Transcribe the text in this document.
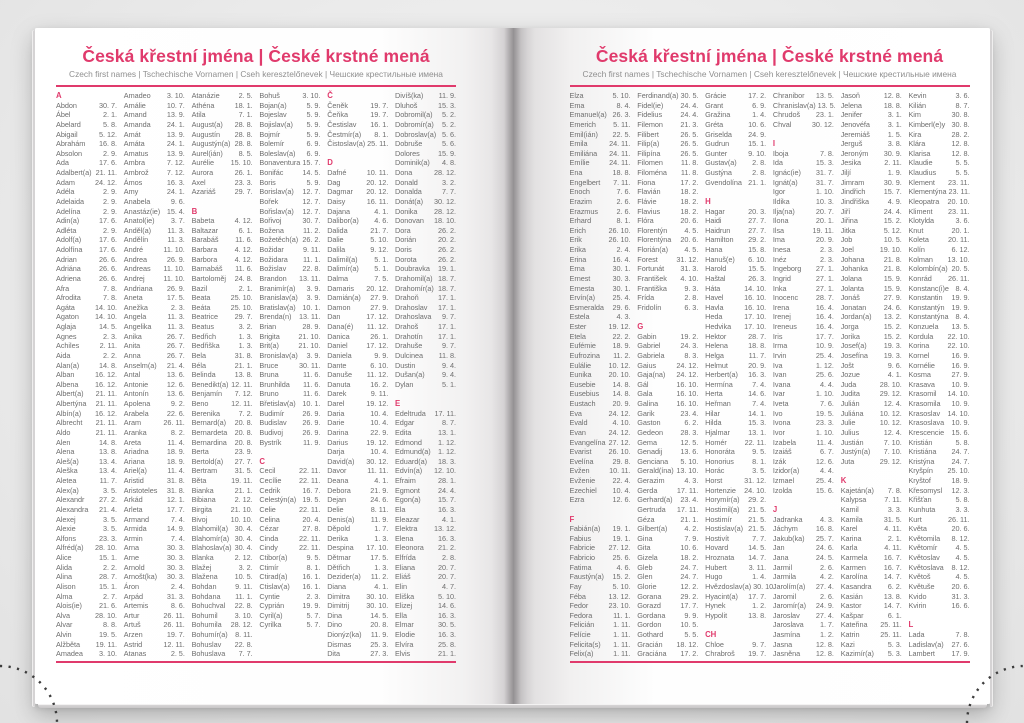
Česká křestní jména | České krstné mená
Czech first names | Tschechische Vornamen | Cseh keresztelőnevek | Чешские крестильные имена
A
Abdon	30. 7.
Ábel	2. 1.
Abelard	5. 8.
Abigail	5. 12.
Abrahám 16. 8.
Absolon	2. 9.
Ada	17. 6.
Adalbert(a) 21. 11.
Adam	24. 12.
Adéla	2. 9.
Adelaida	2. 9.
Adelína	2. 9.
Adin(a)	17. 6.
Adléta	2. 9.
Adolf(a) 17. 6.
Adolfína 17. 6.
Adrian	26. 6.
Adriána 26. 6.
Adriena 26. 6.
Afra	7. 8.
Afrodita	7. 8.
Agáta	14. 10.
Agaton 14. 10.
Aglaja	14. 5.
Agnes	2. 3.
Achiles	2. 11.
Aida	2. 2.
Alan(a)	14. 8.
Alban	16. 12.
Albena 16. 12.
Albert(a) 21. 11.
Albertýna 21. 11.
Albín(a) 16. 12.
Albrecht 21. 11.
Aldo	21. 11.
Alen	14. 8.
Alena	13. 8.
Aleš(a)	13. 4.
Aleška	13. 4.
Aletea	11. 7.
Alex(a)	3. 5.
Alexandr 27. 2.
Alexandra 21. 4.
Alexej	3. 5.
Alexie	3. 5.
Alfons	23. 3.
Alfréd(a) 28. 10.
Alice	15. 1.
Alida	2. 2.
Alina	28. 7.
Alison	15. 1.
Alma	2. 7.
Alois(ie) 21. 6.
Alva	28. 10.
Alvar	8. 8.
Alvin	19. 5.
Alžběta 19. 11.
Amadea 3. 10.
Amadeo 3. 10.
Amálie	10. 7.
Amand	13. 9.
Amanda 24. 1.
Amát	13. 9.
Amáta	24. 1.
Amatus	13. 9.
Ambra	7. 12.
Ambrož 7. 12.
Ámos	16. 3.
Amy	24. 1.
Anabela	9. 6.
Anastáz(ie) 15. 4.
Anatol(ie) 3. 7.
Anděl(a) 11. 3.
Andělín	11. 3.
André	11. 10.
Andrea	26. 9.
Andreas 11. 10.
Andrej	11. 10.
Andriana 26. 9.
Aneta	17. 5.
Anežka	2. 3.
Angela	11. 3.
Angelika 11. 3.
Anika	26. 7.
Anita	26. 7.
Anna	26. 7.
Anselm(a) 21. 4.
Antal	13. 6.
Antonie	12. 6.
Antonín 13. 6.
Apolena	9. 2.
Arabela 22. 6.
Aram	26. 11.
Aranka	8. 2.
Areta	11. 4.
Ariadna 18. 9.
Ariana	18. 9.
Ariel(a)	11. 4.
Aristid	31. 8.
Aristoteles 31. 8.
Arkád	12. 1.
Arleta	17. 7.
Armand	7. 4.
Armida	14. 9.
Armin	7. 4.
Arna	30. 3.
Arne	30. 3.
Arnold	30. 3.
Arnošt(ka) 30. 3.
Áron	2. 4.
Arpád	31. 3.
Artemis	8. 6.
Artur	26. 11.
Artuš	26. 11.
Arzen	19. 7.
Astrid	12. 11.
Atanas	2. 5.
Atanázie	2. 5.
Athéna	18. 1.
Atila	7. 1.
August(a) 28. 8.
Augustín 28. 8.
Augustýn(a) 28. 8.
Aurel(ián) 8. 5.
Aurélie 15. 10.
Aurora	26. 1.
Axel	23. 3.
Azariáš	29. 7.
B
Babeta	4. 12.
Baltazar	6. 1.
Barabáš 11. 6.
Barbara 4. 12.
Barbora 4. 12.
Barnabáš 11. 6.
Bartoloměj 24. 8.
Bazil	2. 1.
Beata	25. 10.
Beáta	25. 10.
Beatrice 29. 7.
Beatus	3. 2.
Bedřich	1. 3.
Bedřiška	1. 3.
Bela	31. 8.
Béla	21. 1.
Belinda	13. 8.
Benedikt(a) 12. 11.
Benjamín 7. 12.
Beno	12. 11.
Berenika	7. 2.
Bernard(a) 20. 8.
Bernardeta 20. 8.
Bernardina 20. 8.
Berta	23. 9.
Bertold(a) 27. 7.
Bertram 31. 5.
Běta	19. 11.
Bianka	21. 1.
Bibiana	2. 12.
Birgita	21. 10.
Bivoj	10. 10.
Blahomil(a) 30. 4.
Blahomír(a) 30. 4.
Blahoslav(a) 30. 4.
Blanka	2. 12.
Blažej	3. 2.
Blažena 10. 5.
Bohdan	9. 11.
Bohdana 11. 1.
Bohuchval 22. 8.
Bohumil 3. 10.
Bohumila 28. 12.
Bohumír(a) 8. 11.
Bohuslav 22. 8.
Bohuslava 7. 7.
Bohuš	3. 10.
Bojan(a)	5. 9.
Bojeslav	5. 9.
Bojislav(a) 5. 9.
Bojmír	5. 9.
Bolemír	6. 9.
Boleslav(a) 6. 9.
Bonaventura 15. 7.
Bonifác	14. 5.
Boris	5. 9.
Borislav(a) 12. 7.
Bořek	12. 7.
Bořislav(a) 12. 7.
Bořivoj	30. 7.
Božena	11. 2.
Božetěch(a) 26. 2.
Božidar	9. 11.
Božidara 11. 1.
Božislav 22. 8.
Brandon 13. 11.
Branimír(a) 3. 9.
Branislav(a) 3. 9.
Bratislav(a) 10. 1.
Brenda(n) 13. 11.
Brian	28. 9.
Brigita	21. 10.
Brit(a)	21. 10.
Bronislav(a) 3. 9.
Bruce	30. 11.
Bruna	11. 6.
Brunhilda 11. 6.
Bruno	11. 6.
Břetislav(a) 10. 1.
Budimír 26. 9.
Budislav 26. 9.
Budivoj	26. 9.
Bystrík	11. 9.
C
Cecil	22. 11.
Cecílie 22. 11.
Cedrik	16. 7.
Celestýn(a) 19. 5.
Celie	22. 11.
Celina	20. 4.
Cézar	27. 8.
Cinda	22. 11.
Cindy	22. 11.
Ctibor(a)	9. 5.
Ctimír	8. 1.
Ctirad(a) 16. 1.
Ctislav(a) 16. 1.
Cyntie	2. 3.
Cyprián 19. 9.
Cyril(a)	5. 7.
Cyrilka	5. 7.
Č
Čeněk	19. 7.
Čeňka	19. 7.
Čestislav 16. 1.
Čestmír(a) 8. 1.
Čistoslav(a) 25. 11.
D
Dafné	10. 11.
Dag	20. 12.
Dagmar 20. 12.
Daisy	16. 11.
Dajana	4. 1.
Dalibor(a) 4. 6.
Dalida	21. 7.
Dalie	5. 10.
Dalila	9. 12.
Dalimil(a) 5. 1.
Dalimír(a) 5. 1.
Dalma	7. 5.
Damaris 20. 12.
Damián(a) 27. 9.
Damon	27. 9.
Dan	17. 12.
Dana(é) 11. 12.
Danica	26. 1.
Daniel	17. 12.
Daniela	9. 9.
Dante	6. 10.
Danuše 11. 12.
Danuta	16. 2.
Darek	9. 11.
Darel	19. 12.
Daria	10. 4.
Darie	10. 4.
Darina	22. 9.
Darius 19. 12.
Darja	10. 4.
David(a) 30. 12.
Davor	11. 11.
Deana	4. 1.
Debora	21. 9.
Dejan	24. 6.
Delie	8. 11.
Denis(a) 11. 9.
Děpold	1. 7.
Derika	1. 3.
Despina 17. 10.
Dětmar	17. 5.
Dětřich	1. 3.
Dezider(a) 11. 2.
Diana	4. 1.
Dimitra 30. 10.
Dimitrij 30. 10.
Dina	14. 5.
Dino	20. 8.
Dionýz(ka) 11. 9.
Dismas	25. 3.
Dita	27. 3.
Divíš(ka) 11. 9.
Dluhoš	15. 3.
Dobromil(a) 5. 2.
Dobromír(a) 5. 2.
Dobroslav(a) 5. 6.
Dobruše	5. 6.
Dolores 15. 9.
Dominik(a) 4. 8.
Dona	28. 12.
Donald	3. 2.
Donalda	7. 7.
Donát(a) 30. 12.
Donika 28. 12.
Donovan 18. 10.
Dora	26. 2.
Dorián	20. 2.
Doris	26. 2.
Dorota	26. 2.
Doubravka 19. 1.
Drahomil(a) 18. 7.
Drahomír(a) 18. 7.
Drahoň	17. 1.
Drahoslav 17. 1.
Drahoslava 9. 7.
Drahoš	17. 1.
Drahotín 17. 1.
Drahuše	9. 7.
Dulcinea 11. 8.
Dustin	9. 4.
Dušan(a) 9. 4.
Dylan	5. 1.
E
Edeltruda 17. 11.
Edgar	8. 7.
Edita	13. 1.
Edmond 1. 12.
Edmund(a) 1. 12.
Eduard(a) 18. 3.
Edvín(a) 12. 10.
Efraim	28. 1.
Egmont 24. 4.
Egon(a) 15. 7.
Ela	16. 3.
Eleazar	4. 1.
Elektra 13. 12.
Elena	16. 3.
Eleonora 21. 2.
Elfrída	2. 8.
Eliana	20. 7.
Eliáš	20. 7.
Elin	4. 7.
Eliška	5. 10.
Elizej	14. 6.
Ella	16. 3.
Elmar	30. 5.
Elodie	16. 3.
Elvíra	25. 8.
Elvis	21. 1.
Česká křestní jména | České krstné mená
Czech first names | Tschechische Vornamen | Cseh keresztelőnevek | Чешские крестильные имена
Elza	5. 10.
Ema	8. 4.
Emanuel(a) 26. 3.
Emerich 5. 11.
Emil(ián) 22. 5.
Emila	24. 11.
Emiliána 24. 11.
Emílie	24. 11.
Ena	18. 8.
Engelbert 7. 11.
Enoch	7. 6.
Erazim	2. 6.
Erazmus	2. 6.
Erhard	8. 1.
Erich	26. 10.
Erik	26. 10.
Erika	2. 4.
Erina	16. 4.
Erna	30. 1.
Ernest	30. 3.
Ernesta 30. 1.
Ervín(a) 25. 4.
Esmeralda 29. 6.
Estela	4. 3.
Ester	19. 12.
Etela	22. 2.
Eufémie 18. 9.
Eufrozina 11. 2.
Eulálie 10. 12.
Eunika 20. 10.
Eusebie 14. 8.
Eusebius 14. 8.
Eustach 20. 9.
Eva	24. 12.
Evald	4. 10.
Evan	24. 12.
Evangelína 27. 12.
Evarist 26. 10.
Evelína	29. 8.
Evžen	10. 11.
Evženie 22. 4.
Ezechiel 10. 4.
Ezra	12. 6.
F
Fabián(a) 19. 1.
Fabius	19. 1.
Fabricie 27. 12.
Fabricio 25. 6.
Fatima	4. 6.
Faustýn(a) 15. 2.
Fay	5. 10.
Féba	13. 12.
Fedor	23. 10.
Fedora	11. 1.
Felicián	1. 11.
Felície	1. 11.
Felicita(s) 1. 11.
Felix(a)	1. 11.
Ferdinand(a) 30. 5.
Fidel(ie) 24. 4.
Fidelius	24. 4.
Filemon 21. 3.
Filibert	26. 5.
Filip(a)	26. 5.
Filipína	26. 5.
Filomen 11. 8.
Filoména 11. 8.
Fiona	17. 2.
Flavián	18. 2.
Flávie	18. 2.
Flavius	18. 2.
Flóra	20. 6.
Florentýn 4. 5.
Florentýna 20. 6.
Florián(a) 4. 5.
Forest	31. 12.
Fortunát 31. 3.
František 4. 10.
Františka 9. 3.
Frída	2. 8.
Fridolín	6. 3.
G
Gabin	19. 2.
Gabriel	24. 3.
Gabriela	8. 3.
Gaius	24. 12.
Gaja(na) 24. 12.
Gál	16. 10.
Gala	16. 10.
Galina 16. 10.
Garik	23. 4.
Gaston	6. 2.
Gedeon 28. 3.
Gema	12. 5.
Genadij 13. 6.
Genciana 5. 10.
Gerald(ína) 13. 10.
Gerazim	4. 3.
Gerda	17. 11.
Gerhard(a) 23. 4.
Gertruda 17. 11.
Géza	21. 1.
Gilbert(a) 4. 2.
Gina	7. 9.
Gita	10. 6.
Gizela	18. 2.
Gleb	24. 7.
Glen	24. 7.
Glorie	12. 2.
Gorana	29. 2.
Gorazd	17. 7.
Gordana	9. 9.
Gordon	10. 5.
Gothard	5. 5.
Gracián 18. 12.
Graciána 17. 2.
Grácie	17. 2.
Grant	6. 9.
Gražina	1. 4.
Gréta	10. 6.
Griselda 24. 9.
Gudrun	15. 1.
Gunter	9. 10.
Gustav(a) 2. 8.
Gustýna	2. 8.
Gvendolína 21. 1.
H
Hagar	20. 3.
Haidi	27. 7.
Haidrun 27. 7.
Hamilton 29. 2.
Hana	15. 8.
Hanuš(e) 6. 10.
Harold	15. 5.
Haštal	26. 3.
Háta	14. 10.
Havel	16. 10.
Havla	16. 10.
Heda	17. 10.
Hedvika 17. 10.
Hektor	28. 7.
Helena	18. 8.
Helga	11. 7.
Helmut	20. 9.
Herbert(a) 16. 3.
Hermína	7. 4.
Herta	14. 6.
Heřman	7. 4.
Hilar	14. 1.
Hilda	15. 3.
Hjalmar 13. 1.
Homér 22. 11.
Honoráta 9. 5.
Honorius 8. 1.
Horác	3. 5.
Horst	31. 12.
Hortenzie 24. 10.
Horymír(a) 29. 2.
Hostimil(a) 21. 5.
Hostimír 21. 5.
Hostislav(a) 21. 5.
Hostivít	7. 7.
Hovard	14. 5.
Hroznata 14. 7.
Hubert	3. 11.
Hugo	1. 4.
Hvězdoslav(a) 30. 10.
Hyacint(a) 17. 7.
Hynek	1. 2.
Hypolit	13. 8.
CH
Chloe	9. 7.
Chrabroš 19. 7.
Chranibor 13. 5.
Chranislav(a) 13. 5.
Chrudoš 23. 1.
Chval	30. 12.
I
Iboja	7. 8.
Ida	15. 3.
Ignác(ie) 31. 7.
Ignát(a)	31. 7.
Igor	1. 10.
Ildika	10. 3.
Ilja(na)	20. 7.
Ilona	20. 1.
Ilsa	19. 11.
Ima	20. 9.
Inesa	2. 3.
Inéz	2. 3.
Ingeborg 27. 1.
Ingrid	27. 1.
Inka	27. 1.
Inocenc 28. 7.
Irena	16. 4.
Irenej	16. 4.
Ireneus	16. 4.
Iris	17. 7.
Irma	10. 9.
Irvin	25. 4.
Iva	1. 12.
Ivan	25. 6.
Ivana	4. 4.
Ivar	1. 10.
Iveta	7. 6.
Ivo	19. 5.
Ivona	23. 3.
Ivor	1. 10.
Izabela	11. 4.
Izaiáš	6. 7.
Izák	12. 6.
Izidor(a)	4. 4.
Izmael	25. 4.
Izolda	15. 6.
J
Jadranka 4. 3.
Jáchym 16. 8.
Jakub(ka) 25. 7.
Jan	24. 6.
Jana	24. 5.
Jarmil	2. 6.
Jarmila	4. 2.
Jarolím(a) 27. 4.
Jaromil	2. 6.
Jaromír(a) 24. 9.
Jaroslav 27. 4.
Jaroslava 1. 7.
Jasmína	1. 2.
Jasna	12. 8.
Jasněna 12. 8.
Jasoň	12. 8.
Jelena	18. 8.
Jenifer	3. 1.
Jenovéfa 3. 1.
Jeremiáš 1. 5.
Jerguš	3. 8.
Jeroným 30. 9.
Jesika	2. 11.
Jiljí	1. 9.
Jimram	30. 9.
Jindřich	15. 7.
Jindřiška	4. 9.
Jiří	24. 4.
Jiřina	15. 2.
Jitka	5. 12.
Job	10. 5.
Joel	19. 10.
Johana	21. 8.
Johanka 21. 8.
Jolana	15. 9.
Jolanta	15. 9.
Jonáš	27. 9.
Jonatan 24. 6.
Jordan(a) 13. 2.
Jorga	15. 2.
Jorika	15. 2.
Josef(a) 19. 3.
Josefína 19. 3.
Jošt	9. 6.
Jozue	4. 1.
Juda	28. 10.
Judita	29. 12.
Julián	12. 4.
Juliána 10. 12.
Julie	10. 12.
Julius	12. 4.
Justián	7. 10.
Justýn(a) 7. 10.
Juta	29. 12.
K
Kajetán(a) 7. 8.
Kalypsa 7. 11.
Kamil	3. 3.
Kamila	31. 5.
Karel	4. 11.
Karina	2. 1.
Karla	4. 11.
Karmela 16. 7.
Karmen 16. 7.
Karolína 14. 7.
Kasandra 6. 2.
Kasián	13. 8.
Kastor	14. 7.
Kašpar	6. 1.
Kateřina 25. 11.
Katrin	25. 11.
Kazi	5. 3.
Kazimír(a) 5. 3.
Kevin	3. 6.
Kilián	8. 7.
Kim	30. 8.
Kimberl(e)y 30. 8.
Kira	28. 2.
Klára	12. 8.
Klarisa	12. 8.
Klaudie	5. 5.
Klaudius	5. 5.
Klement 23. 11.
Klementýna 23. 11.
Kleopatra 20. 10.
Kliment 23. 11.
Klotylda	3. 6.
Knut	20. 1.
Koleta	20. 11.
Kolín	6. 12.
Kolman 13. 10.
Kolombín(a) 20. 5.
Konrád 26. 11.
Konstanc(i)e 8. 4.
Konstantin 19. 9.
Konstantýn 19. 9.
Konstantýna 8. 4.
Konzuela 13. 5.
Kordula 22. 10.
Korina 22. 10.
Kornel	16. 9.
Kornélie 16. 9.
Kosma	27. 9.
Krasava 10. 9.
Krasomil 14. 10.
Krasomila 10. 9.
Krasoslav 14. 10.
Krasoslava 10. 9.
Krescencie 15. 6.
Kristián	5. 8.
Kristiána 24. 7.
Kristýna 24. 7.
Kryšpín 25. 10.
Kryštof	18. 9.
Křesomysl 12. 3.
Křišťan	5. 8.
Kunhuta	3. 3.
Kurt	26. 11.
Květa	20. 6.
Květomila 8. 12.
Květomír	4. 5.
Květoslav 4. 5.
Květoslava 8. 12.
Květoš	4. 5.
Květuše 20. 6.
Kvido	31. 3.
Kvirin	16. 6.
L
Lada	7. 8.
Ladislav(a) 27. 6.
Lambert 17. 9.
